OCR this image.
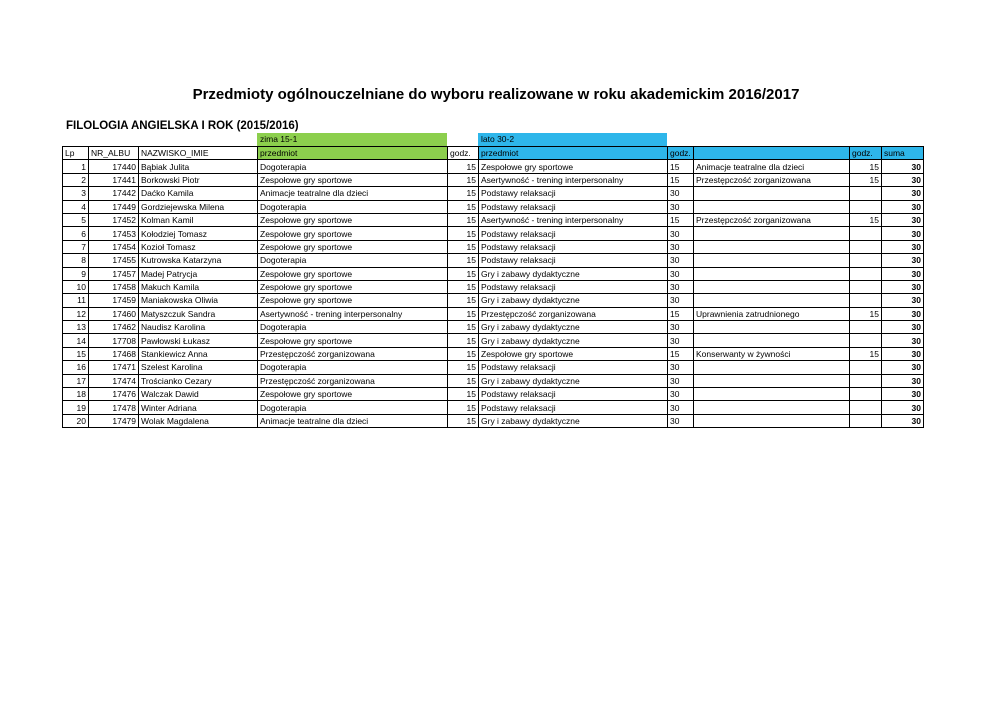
Przedmioty ogólnouczelniane do wyboru realizowane w roku akademickim 2016/2017
FILOLOGIA ANGIELSKA I ROK (2015/2016)
zima 15-1	lato 30-2
Lp	NR_ALBU	NAZWISKO_IMIE	przedmiot	godz.	przedmiot	godz.		godz.	suma
1	17440	Bąbiak Julita	Dogoterapia	15	Zespołowe gry sportowe	15	Animacje teatralne dla dzieci	15	30
2	17441	Borkowski Piotr	Zespołowe gry sportowe	15	Asertywność - trening interpersonalny	15	Przestępczość zorganizowana	15	30
3	17442	Daćko Kamila	Animacje teatralne dla dzieci	15	Podstawy relaksacji	30			30
4	17449	Gordziejewska Milena	Dogoterapia	15	Podstawy relaksacji	30			30
5	17452	Kolman Kamil	Zespołowe gry sportowe	15	Asertywność - trening interpersonalny	15	Przestępczość zorganizowana	15	30
6	17453	Kołodziej Tomasz	Zespołowe gry sportowe	15	Podstawy relaksacji	30			30
7	17454	Kozioł Tomasz	Zespołowe gry sportowe	15	Podstawy relaksacji	30			30
8	17455	Kutrowska Katarzyna	Dogoterapia	15	Podstawy relaksacji	30			30
9	17457	Madej Patrycja	Zespołowe gry sportowe	15	Gry i zabawy dydaktyczne	30			30
10	17458	Makuch Kamila	Zespołowe gry sportowe	15	Podstawy relaksacji	30			30
11	17459	Maniakowska Oliwia	Zespołowe gry sportowe	15	Gry i zabawy dydaktyczne	30			30
12	17460	Matyszczuk Sandra	Asertywność - trening interpersonalny	15	Przestępczość zorganizowana	15	Uprawnienia zatrudnionego	15	30
13	17462	Naudisz Karolina	Dogoterapia	15	Gry i zabawy dydaktyczne	30			30
14	17708	Pawłowski Łukasz	Zespołowe gry sportowe	15	Gry i zabawy dydaktyczne	30			30
15	17468	Stankiewicz Anna	Przestępczość zorganizowana	15	Zespołowe gry sportowe	15	Konserwanty w żywności	15	30
16	17471	Szelest Karolina	Dogoterapia	15	Podstawy relaksacji	30			30
17	17474	Trościanko Cezary	Przestępczość zorganizowana	15	Gry i zabawy dydaktyczne	30			30
18	17476	Walczak Dawid	Zespołowe gry sportowe	15	Podstawy relaksacji	30			30
19	17478	Winter Adriana	Dogoterapia	15	Podstawy relaksacji	30			30
20	17479	Wolak Magdalena	Animacje teatralne dla dzieci	15	Gry i zabawy dydaktyczne	30			30
